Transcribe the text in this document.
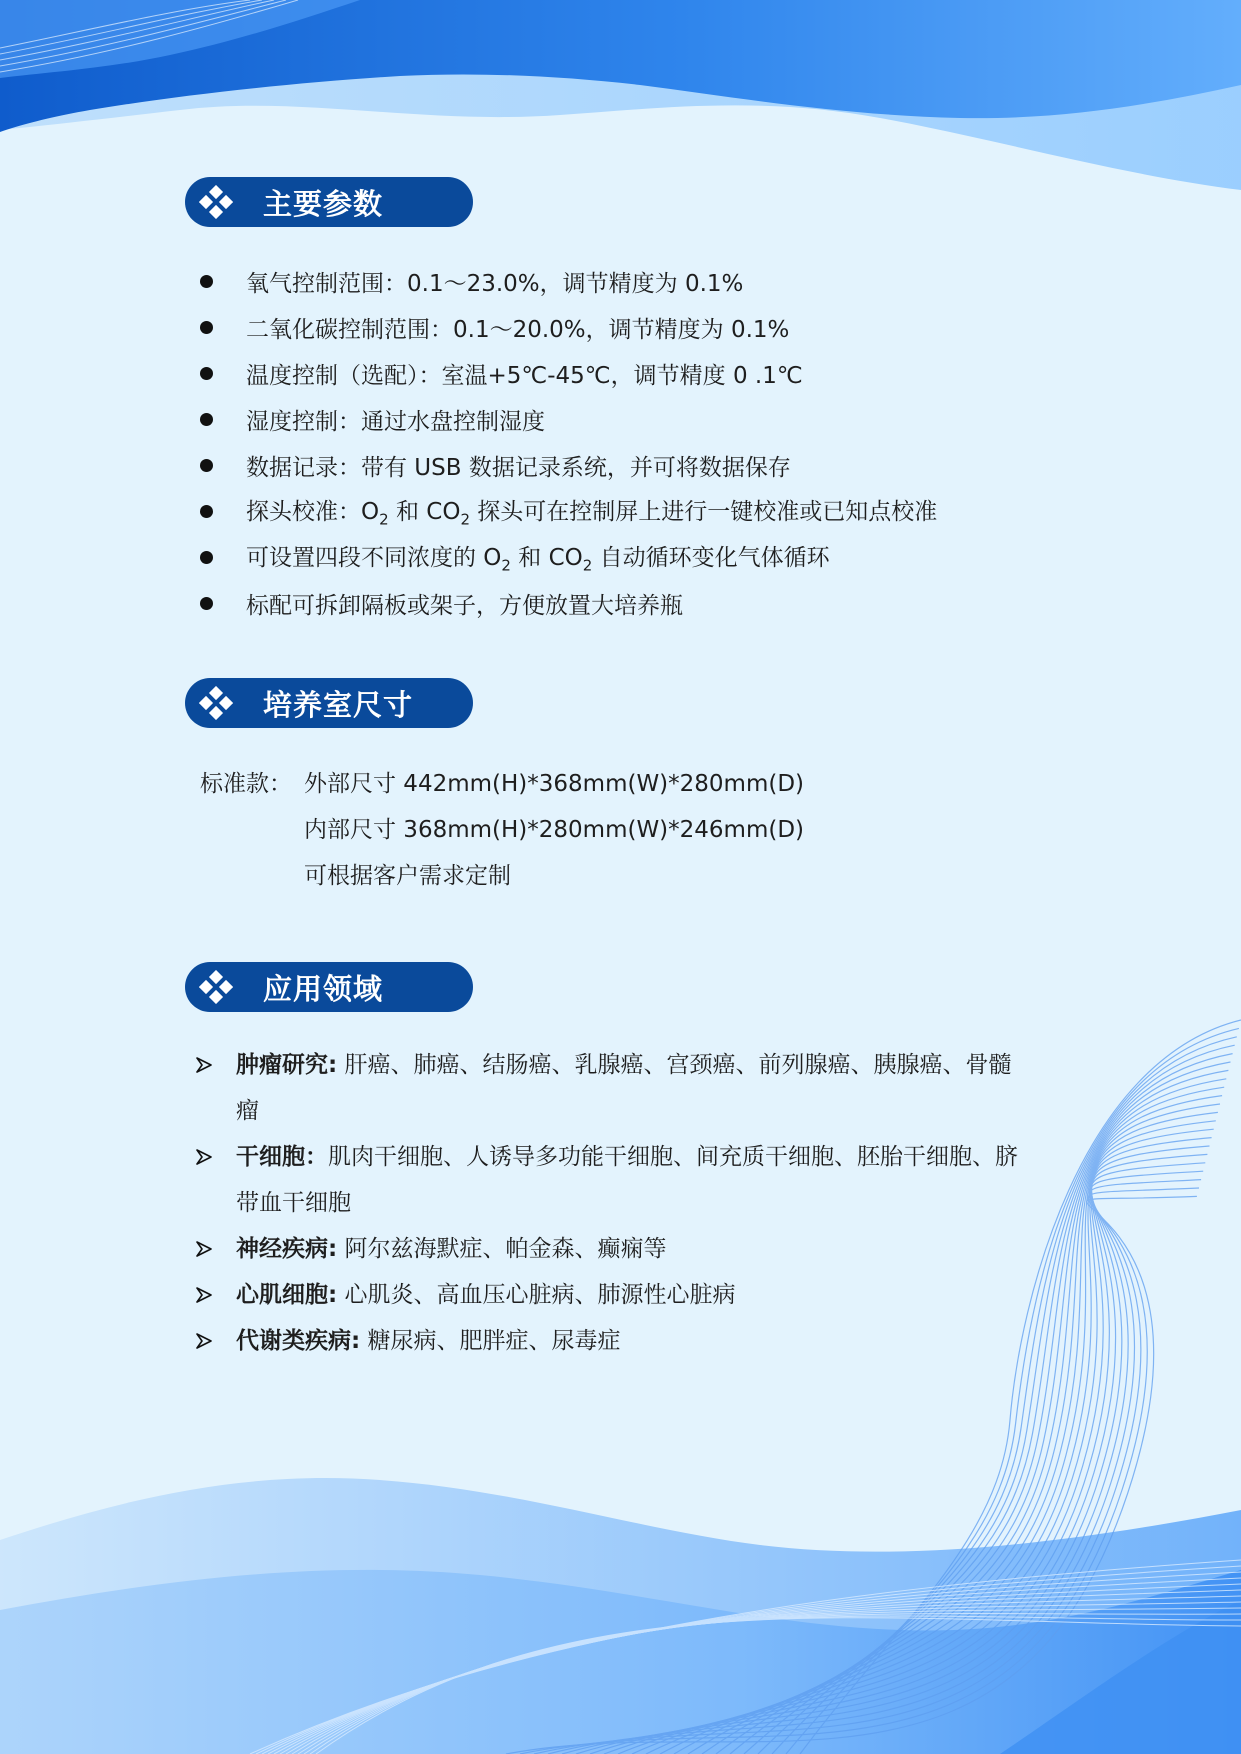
主要参数
氧气控制范围：0.1～23.0%，调节精度为 0.1%
二氧化碳控制范围：0.1～20.0%，调节精度为 0.1%
温度控制（选配）：室温+5℃-45℃，调节精度 0 .1℃
湿度控制：通过水盘控制湿度
数据记录：带有 USB 数据记录系统，并可将数据保存
探头校准：$O_2$ 和 $CO_2$ 探头可在控制屏上进行一键校准或已知点校准
可设置四段不同浓度的 $O_2$ 和 $CO_2$ 自动循环变化气体循环
标配可拆卸隔板或架子，方便放置大培养瓶
培养室尺寸
标准款： 外部尺寸 442mm(H)*368mm(W)*280mm(D)
内部尺寸 368mm(H)*280mm(W)*246mm(D)
可根据客户需求定制
应用领域
肿瘤研究: 肝癌、肺癌、结肠癌、乳腺癌、宫颈癌、前列腺癌、胰腺癌、骨髓瘤
干细胞：肌肉干细胞、人诱导多功能干细胞、间充质干细胞、胚胎干细胞、脐带血干细胞
神经疾病: 阿尔兹海默症、帕金森、癫痫等
心肌细胞: 心肌炎、高血压心脏病、肺源性心脏病
代谢类疾病: 糖尿病、肥胖症、尿毒症
